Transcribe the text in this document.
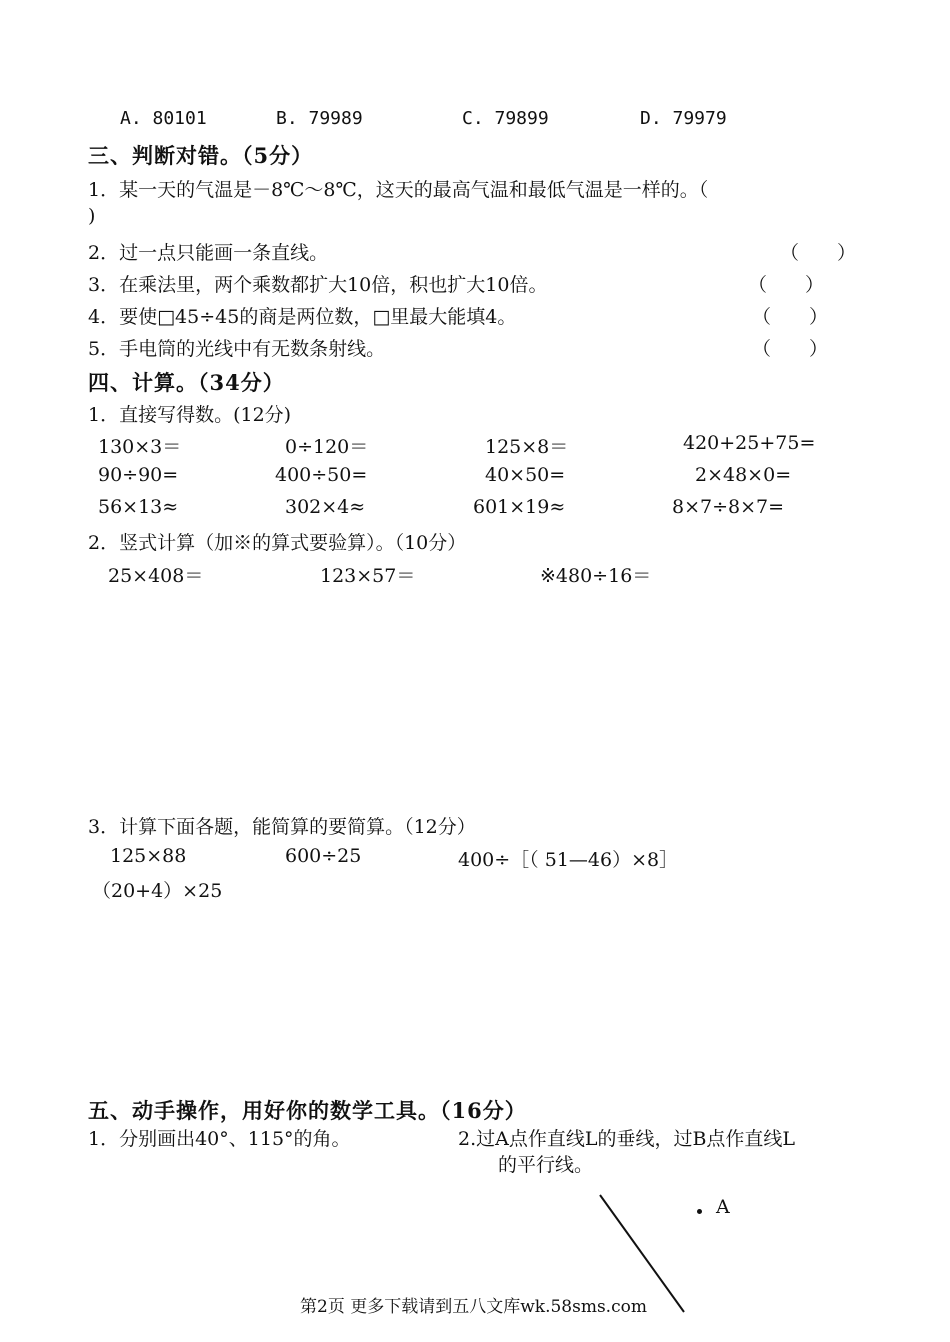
A. 80101	B. 79989	C. 79899	D. 79979
三、判断对错。（5分）
1．某一天的气温是－8℃～8℃，这天的最高气温和最低气温是一样的。（
)
2．过一点只能画一条直线。	（　　）
3．在乘法里，两个乘数都扩大10倍，积也扩大10倍。	（　　）
4．要使□45÷45的商是两位数，□里最大能填4。	（　　）
5．手电筒的光线中有无数条射线。	（　　）
四、计算。（34分）
1．直接写得数。(12分)
130×3＝	0÷120＝	125×8＝	420+25+75=
90÷90=	400÷50=	40×50=	2×48×0=
56×13≈	302×4≈	601×19≈	8×7÷8×7=
2．竖式计算（加※的算式要验算）。（10分）
25×408＝	123×57＝	※480÷16＝
3．计算下面各题，能简算的要简算。（12分）
125×88	600÷25	400÷［（ 51—46）×8］
（20+4）×25
五、动手操作，用好你的数学工具。（16分）
1．分别画出40°、115°的角。	2.过A点作直线L的垂线，过B点作直线L
的平行线。
A
第2页 更多下载请到五八文库wk.58sms.com
